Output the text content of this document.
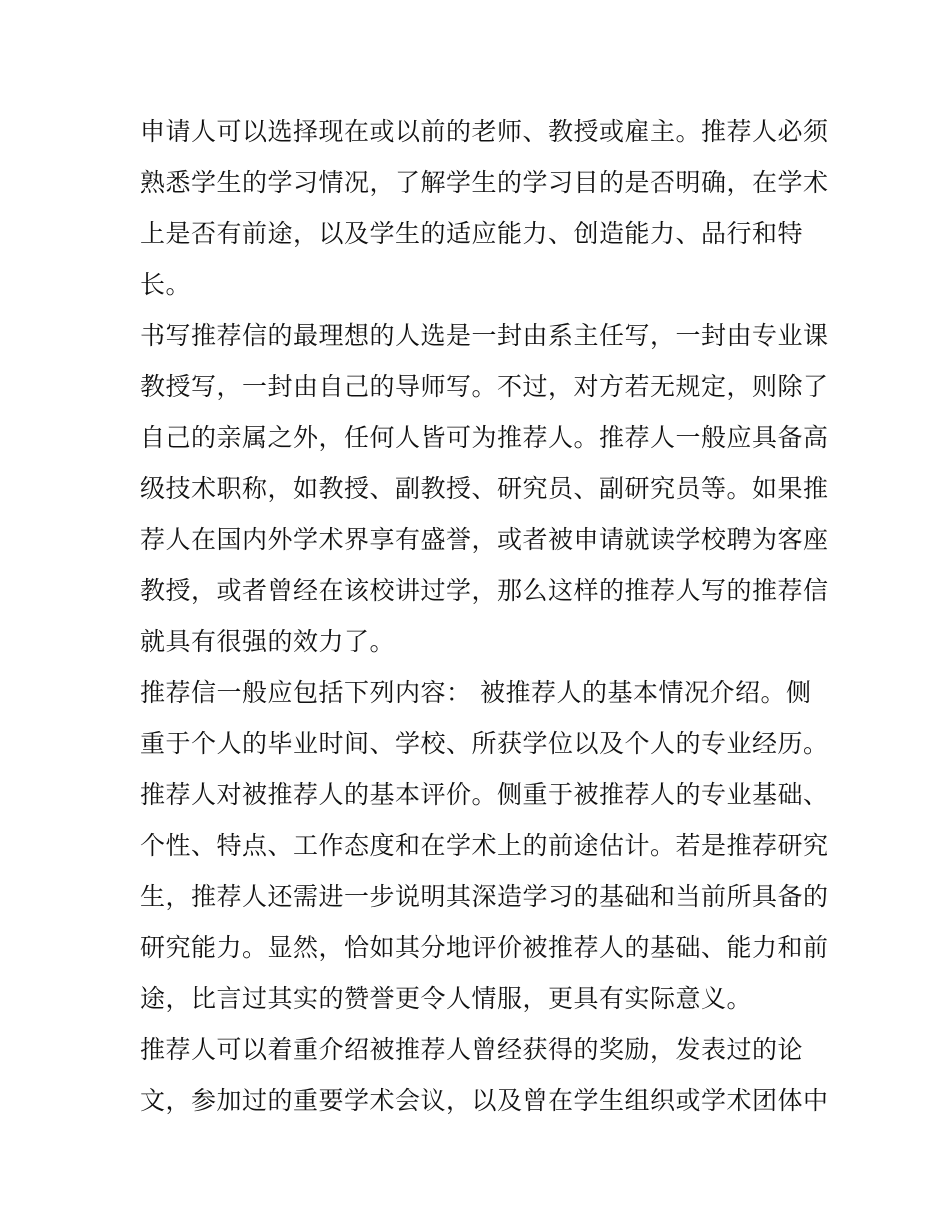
申请人可以选择现在或以前的老师、教授或雇主。推荐人必须
熟悉学生的学习情况，了解学生的学习目的是否明确，在学术
上是否有前途，以及学生的适应能力、创造能力、品行和特
长。
书写推荐信的最理想的人选是一封由系主任写，一封由专业课
教授写，一封由自己的导师写。不过，对方若无规定，则除了
自己的亲属之外，任何人皆可为推荐人。推荐人一般应具备高
级技术职称，如教授、副教授、研究员、副研究员等。如果推
荐人在国内外学术界享有盛誉，或者被申请就读学校聘为客座
教授，或者曾经在该校讲过学，那么这样的推荐人写的推荐信
就具有很强的效力了。
推荐信一般应包括下列内容： 被推荐人的基本情况介绍。侧
重于个人的毕业时间、学校、所获学位以及个人的专业经历。
推荐人对被推荐人的基本评价。侧重于被推荐人的专业基础、
个性、特点、工作态度和在学术上的前途估计。若是推荐研究
生，推荐人还需进一步说明其深造学习的基础和当前所具备的
研究能力。显然，恰如其分地评价被推荐人的基础、能力和前
途，比言过其实的赞誉更令人情服，更具有实际意义。
推荐人可以着重介绍被推荐人曾经获得的奖励，发表过的论
文，参加过的重要学术会议，以及曾在学生组织或学术团体中
